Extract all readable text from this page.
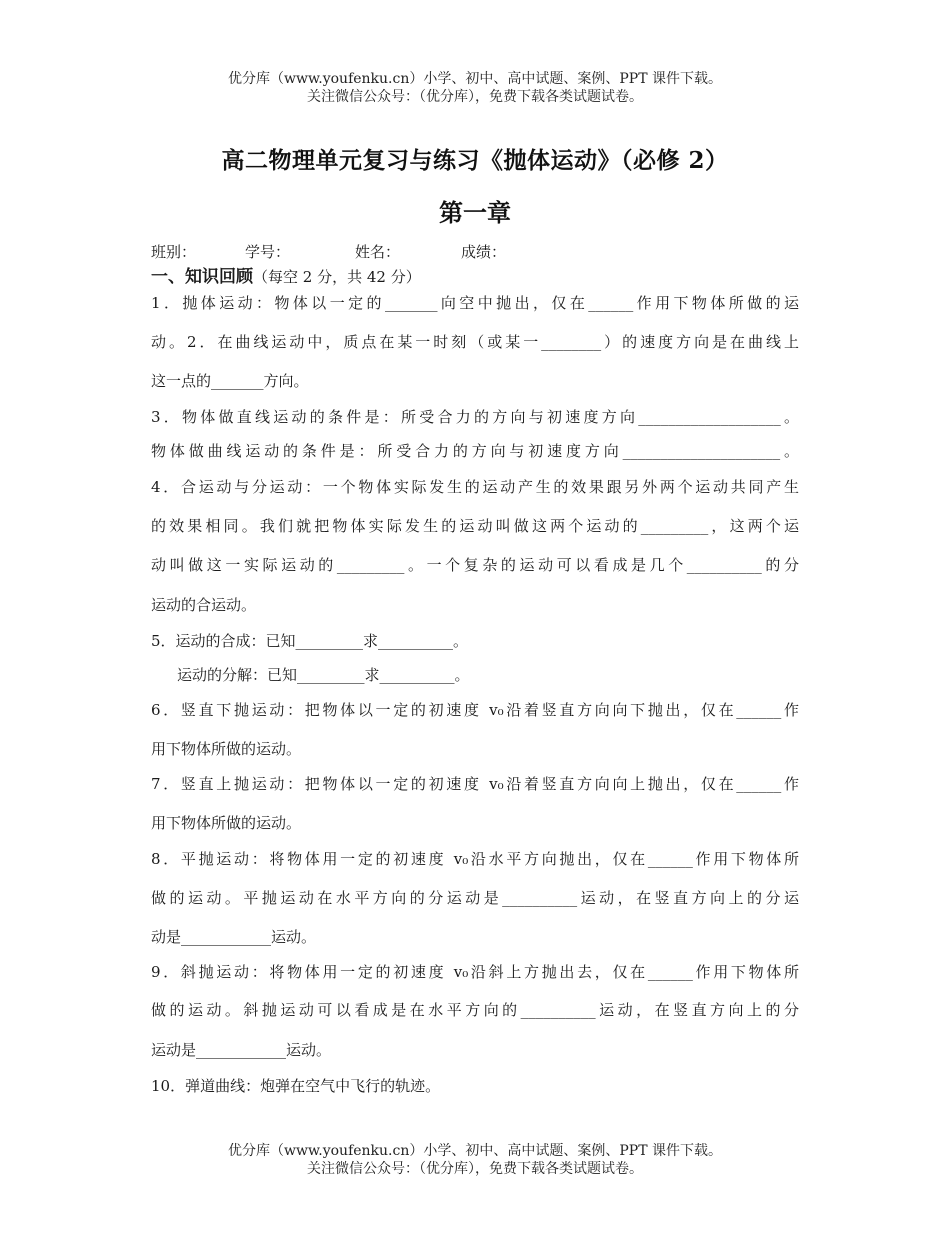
优分库（www.youfenku.cn）小学、初中、高中试题、案例、PPT 课件下载。
关注微信公众号：（优分库），免费下载各类试题试卷。
高二物理单元复习与练习《抛体运动》（必修 2）
第一章
班别：	学号：	姓名：	成绩：
一、知识回顾（每空 2 分，共 42 分）
1．抛体运动：物体以一定的_______向空中抛出，仅在______作用下物体所做的运
动。2．在曲线运动中，质点在某一时刻（或某一________）的速度方向是在曲线上
这一点的_______方向。
3．物体做直线运动的条件是：所受合力的方向与初速度方向___________________。
物体做曲线运动的条件是：所受合力的方向与初速度方向_____________________。
4．合运动与分运动：一个物体实际发生的运动产生的效果跟另外两个运动共同产生
的效果相同。我们就把物体实际发生的运动叫做这两个运动的_________，这两个运
动叫做这一实际运动的_________。一个复杂的运动可以看成是几个__________的分
运动的合运动。
5．运动的合成：已知_________求__________。
运动的分解：已知_________求__________。
6．竖直下抛运动：把物体以一定的初速度 v₀沿着竖直方向向下抛出，仅在______作
用下物体所做的运动。
7．竖直上抛运动：把物体以一定的初速度 v₀沿着竖直方向向上抛出，仅在______作
用下物体所做的运动。
8．平抛运动：将物体用一定的初速度 v₀沿水平方向抛出，仅在______作用下物体所
做的运动。平抛运动在水平方向的分运动是__________运动，在竖直方向上的分运
动是____________运动。
9．斜抛运动：将物体用一定的初速度 v₀沿斜上方抛出去，仅在______作用下物体所
做的运动。斜抛运动可以看成是在水平方向的__________运动，在竖直方向上的分
运动是____________运动。
10．弹道曲线：炮弹在空气中飞行的轨迹。
优分库（www.youfenku.cn）小学、初中、高中试题、案例、PPT 课件下载。
关注微信公众号：（优分库），免费下载各类试题试卷。
